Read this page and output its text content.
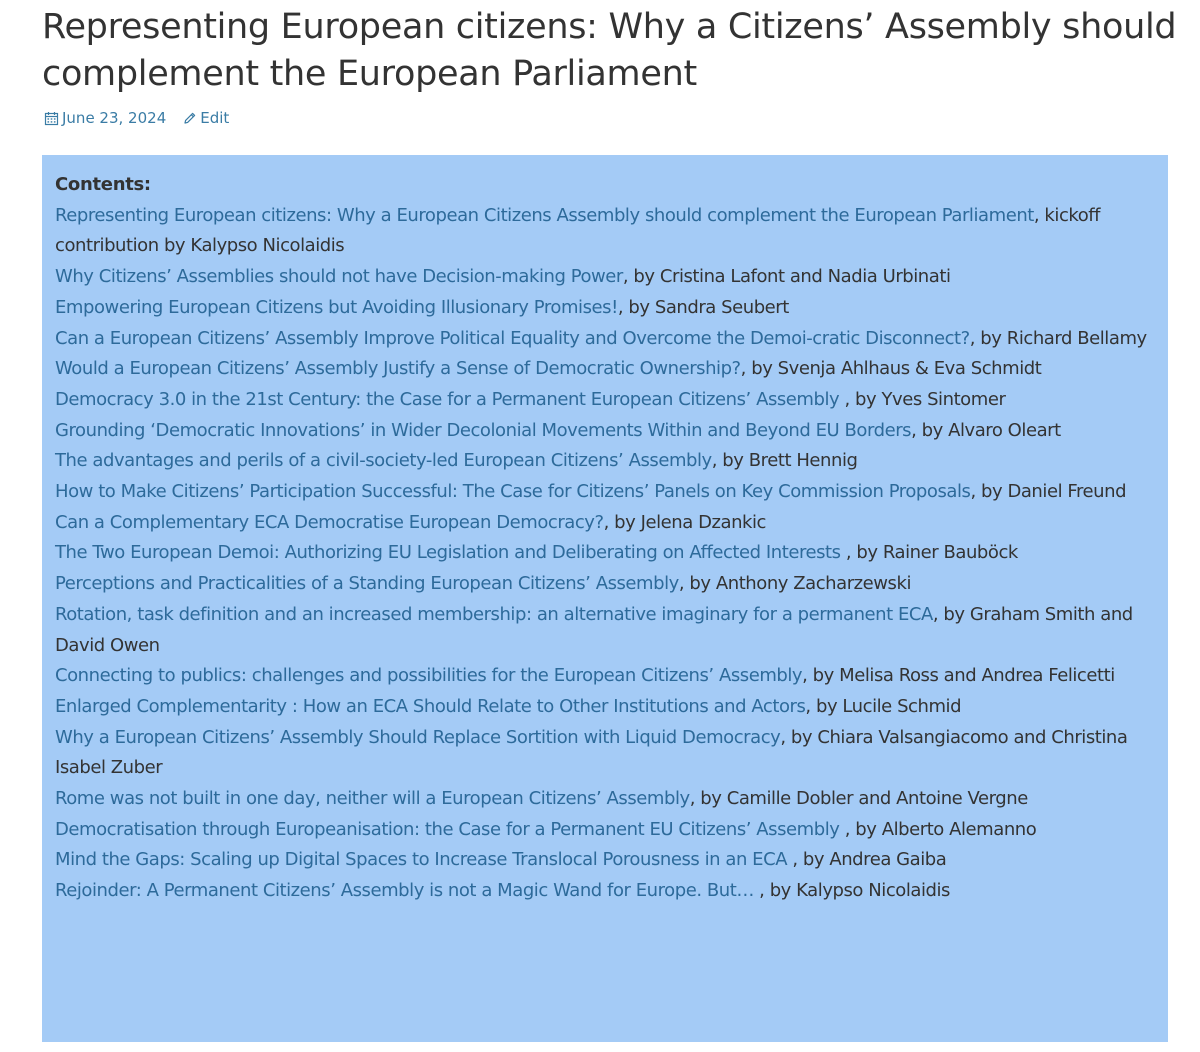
Representing European citizens: Why a Citizens’ Assembly should complement the European Parliament
June 23, 2024 Edit
Contents:
Representing European citizens: Why a European Citizens Assembly should complement the European Parliament, kickoff contribution by Kalypso Nicolaidis
Why Citizens’ Assemblies should not have Decision-making Power, by Cristina Lafont and Nadia Urbinati
Empowering European Citizens but Avoiding Illusionary Promises!, by Sandra Seubert
Can a European Citizens’ Assembly Improve Political Equality and Overcome the Demoi-cratic Disconnect?, by Richard Bellamy
Would a European Citizens’ Assembly Justify a Sense of Democratic Ownership?, by Svenja Ahlhaus & Eva Schmidt
Democracy 3.0 in the 21st Century: the Case for a Permanent European Citizens’ Assembly , by Yves Sintomer
Grounding ‘Democratic Innovations’ in Wider Decolonial Movements Within and Beyond EU Borders, by Alvaro Oleart
The advantages and perils of a civil-society-led European Citizens’ Assembly, by Brett Hennig
How to Make Citizens’ Participation Successful: The Case for Citizens’ Panels on Key Commission Proposals, by Daniel Freund
Can a Complementary ECA Democratise European Democracy?, by Jelena Dzankic
The Two European Demoi: Authorizing EU Legislation and Deliberating on Affected Interests , by Rainer Bauböck
Perceptions and Practicalities of a Standing European Citizens’ Assembly, by Anthony Zacharzewski
Rotation, task definition and an increased membership: an alternative imaginary for a permanent ECA, by Graham Smith and David Owen
Connecting to publics: challenges and possibilities for the European Citizens’ Assembly, by Melisa Ross and Andrea Felicetti
Enlarged Complementarity : How an ECA Should Relate to Other Institutions and Actors, by Lucile Schmid
Why a European Citizens’ Assembly Should Replace Sortition with Liquid Democracy, by Chiara Valsangiacomo and Christina Isabel Zuber
Rome was not built in one day, neither will a European Citizens’ Assembly, by Camille Dobler and Antoine Vergne
Democratisation through Europeanisation: the Case for a Permanent EU Citizens’ Assembly , by Alberto Alemanno
Mind the Gaps: Scaling up Digital Spaces to Increase Translocal Porousness in an ECA , by Andrea Gaiba
Rejoinder: A Permanent Citizens’ Assembly is not a Magic Wand for Europe. But… , by Kalypso Nicolaidis
